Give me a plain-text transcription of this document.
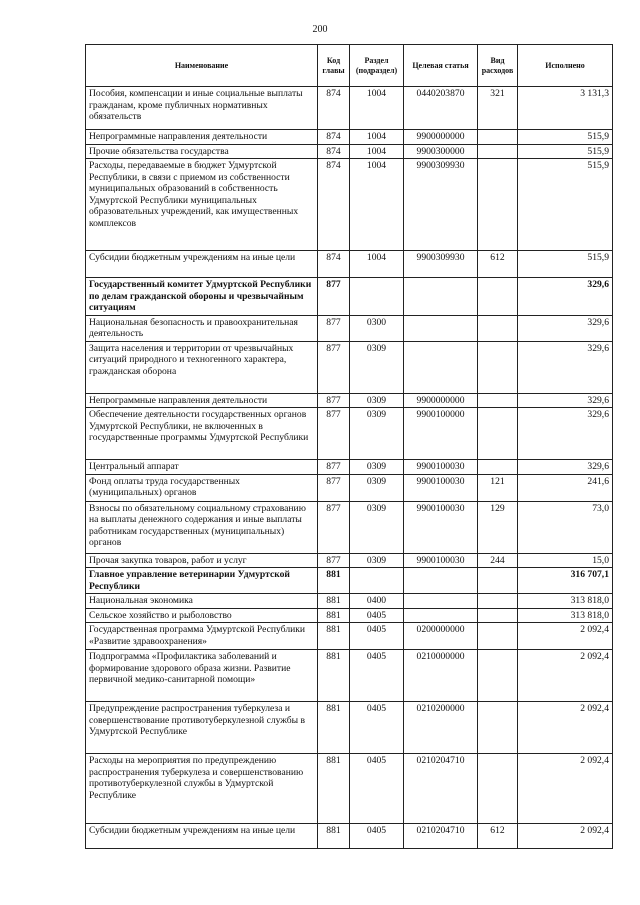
200
Наименование	Код главы	Раздел (подраздел)	Целевая статья	Вид расходов	Исполнено
Пособия, компенсации и иные социальные выплаты гражданам, кроме публичных нормативных обязательств	874	1004	0440203870	321	3 131,3
Непрограммные направления деятельности	874	1004	9900000000		515,9
Прочие обязательства государства	874	1004	9900300000		515,9
Расходы, передаваемые в бюджет Удмуртской Республики, в связи с приемом из собственности муниципальных образований в собственность Удмуртской Республики муниципальных образовательных учреждений, как имущественных комплексов	874	1004	9900309930		515,9
Субсидии бюджетным учреждениям на иные цели	874	1004	9900309930	612	515,9
Государственный комитет Удмуртской Республики по делам гражданской обороны и чрезвычайным ситуациям	877				329,6
Национальная безопасность и правоохранительная деятельность	877	0300			329,6
Защита населения и территории от чрезвычайных ситуаций природного и техногенного характера, гражданская оборона	877	0309			329,6
Непрограммные направления деятельности	877	0309	9900000000		329,6
Обеспечение деятельности государственных органов Удмуртской Республики, не включенных в государственные программы Удмуртской Республики	877	0309	9900100000		329,6
Центральный аппарат	877	0309	9900100030		329,6
Фонд оплаты труда государственных (муниципальных) органов	877	0309	9900100030	121	241,6
Взносы по обязательному социальному страхованию на выплаты денежного содержания и иные выплаты работникам государственных (муниципальных) органов	877	0309	9900100030	129	73,0
Прочая закупка товаров, работ и услуг	877	0309	9900100030	244	15,0
Главное управление ветеринарии Удмуртской Республики	881				316 707,1
Национальная экономика	881	0400			313 818,0
Сельское хозяйство и рыболовство	881	0405			313 818,0
Государственная программа Удмуртской Республики «Развитие здравоохранения»	881	0405	0200000000		2 092,4
Подпрограмма «Профилактика заболеваний и формирование здорового образа жизни. Развитие первичной медико-санитарной помощи»	881	0405	0210000000		2 092,4
Предупреждение распространения туберкулеза и совершенствование противотуберкулезной службы в Удмуртской Республике	881	0405	0210200000		2 092,4
Расходы на мероприятия по предупреждению распространения туберкулеза и совершенствованию противотуберкулезной службы в Удмуртской Республике	881	0405	0210204710		2 092,4
Субсидии бюджетным учреждениям на иные цели	881	0405	0210204710	612	2 092,4
